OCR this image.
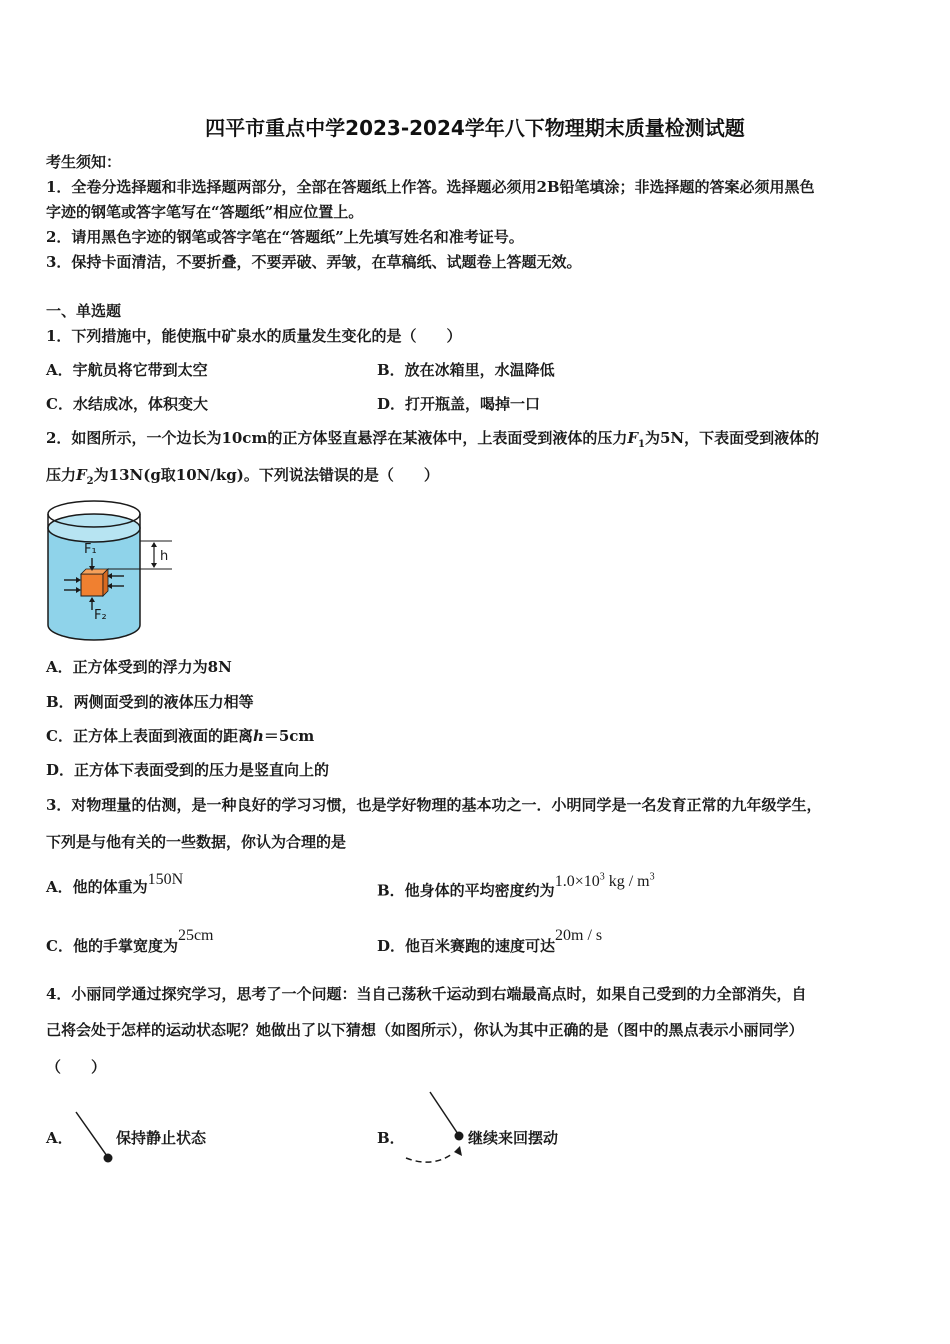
四平市重点中学2023-2024学年八下物理期末质量检测试题
考生须知：
1．全卷分选择题和非选择题两部分，全部在答题纸上作答。选择题必须用2B铅笔填涂；非选择题的答案必须用黑色
字迹的钢笔或答字笔写在“答题纸”相应位置上。
2．请用黑色字迹的钢笔或答字笔在“答题纸”上先填写姓名和准考证号。
3．保持卡面清洁，不要折叠，不要弄破、弄皱，在草稿纸、试题卷上答题无效。
一、单选题
1．下列措施中，能使瓶中矿泉水的质量发生变化的是（　　）
A．宇航员将它带到太空	B．放在冰箱里，水温降低
C．水结成冰，体积变大	D．打开瓶盖，喝掉一口
2．如图所示，一个边长为10cm的正方体竖直悬浮在某液体中，上表面受到液体的压力$F_1$为5N，下表面受到液体的
压力$F_2$为13N(g取10N/kg)。下列说法错误的是（　　）
h
F₁
F₂
A．正方体受到的浮力为8N
B．两侧面受到的液体压力相等
C．正方体上表面到液面的距离h＝5cm
D．正方体下表面受到的压力是竖直向上的
3．对物理量的估测，是一种良好的学习习惯，也是学好物理的基本功之一．小明同学是一名发育正常的九年级学生，
下列是与他有关的一些数据，你认为合理的是
A．他的体重为150N
B．他身体的平均密度约为$1.0\times 10^3$ kg / $m^3$
C．他的手掌宽度为25cm
D．他百米赛跑的速度可达20m / s
4．小丽同学通过探究学习，思考了一个问题：当自己荡秋千运动到右端最高点时，如果自己受到的力全部消失，自
己将会处于怎样的运动状态呢？她做出了以下猜想（如图所示），你认为其中正确的是（图中的黑点表示小丽同学）
（　　）
A．	保持静止状态	B．	继续来回摆动
